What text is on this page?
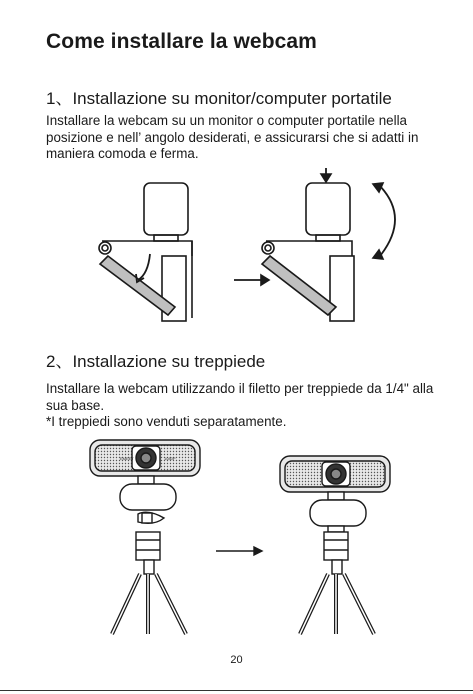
Come installare la webcam
1、Installazione su monitor/computer portatile
Installare la webcam su un monitor o computer portatile nella posizione e nell’ angolo desiderati, e assicurarsi che si adatti in maniera comoda e ferma.
2、Installazione su treppiede
Installare la webcam utilizzando il filetto per treppiede da 1/4" alla sua base.
*I treppiedi sono venduti separatamente.
EMEET	1080P
20
